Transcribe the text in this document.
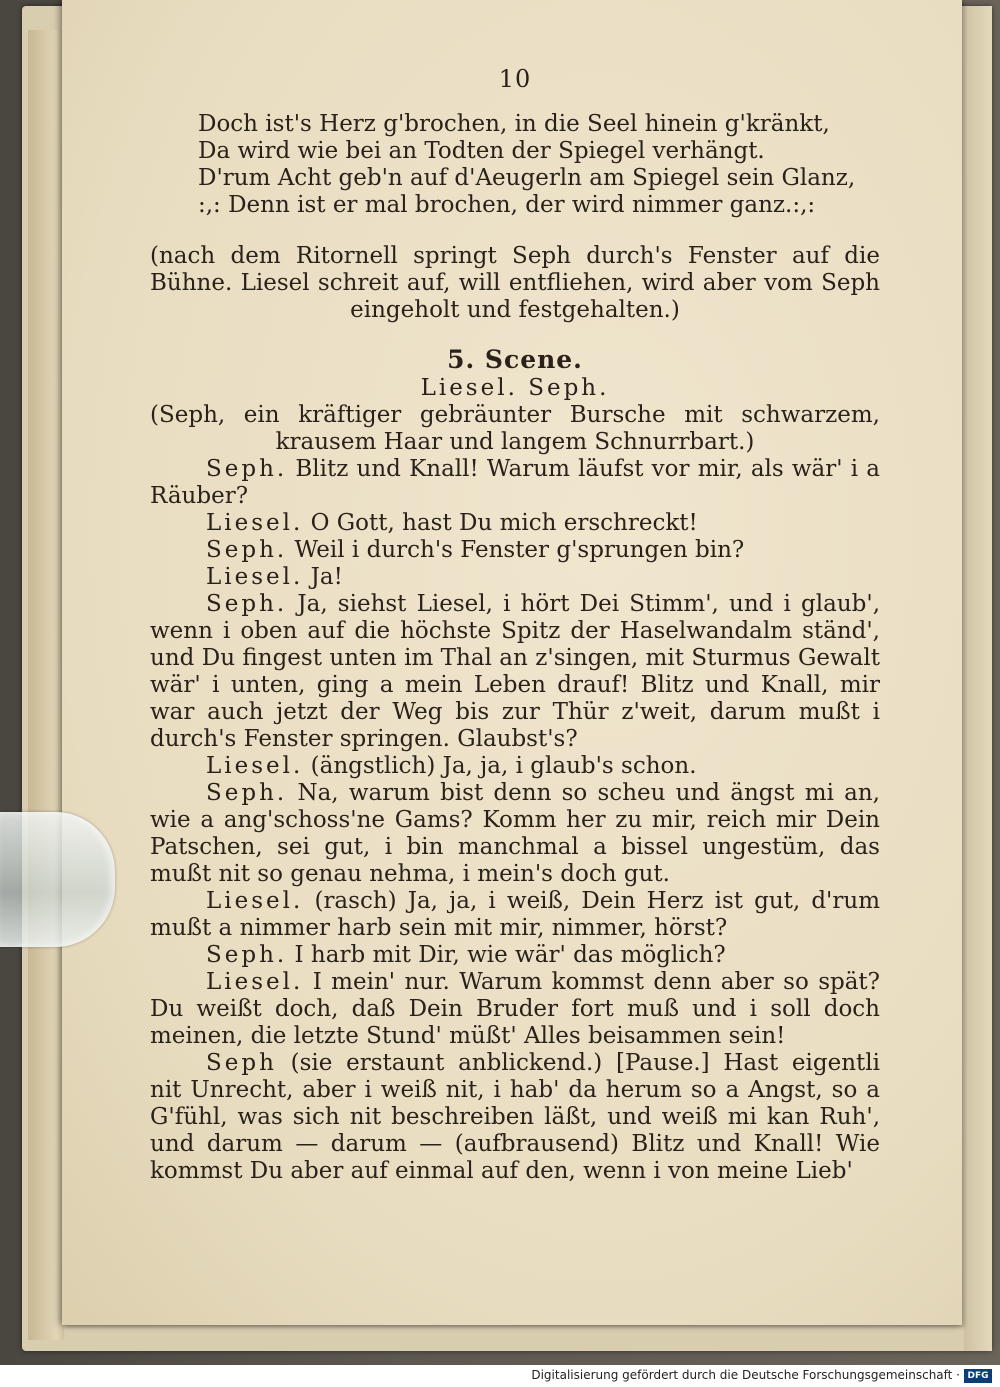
10
Doch ist's Herz g'brochen, in die Seel hinein g'kränkt,
Da wird wie bei an Todten der Spiegel verhängt.
D'rum Acht geb'n auf d'Aeugerln am Spiegel sein Glanz,
:,: Denn ist er mal brochen, der wird nimmer ganz.:,:
(nach dem Ritornell springt Seph durch's Fenster auf die Bühne. Liesel schreit auf, will entfliehen, wird aber vom Seph eingeholt und festgehalten.)
5. Scene.
Liesel. Seph.
(Seph, ein kräftiger gebräunter Bursche mit schwarzem, krausem Haar und langem Schnurrbart.)

Seph. Blitz und Knall! Warum läufst vor mir, als wär' i a Räuber?

Liesel. O Gott, hast Du mich erschreckt!

Seph. Weil i durch's Fenster g'sprungen bin?

Liesel. Ja!

Seph. Ja, siehst Liesel, i hört Dei Stimm', und i glaub', wenn i oben auf die höchste Spitz der Haselwandalm ständ', und Du fingest unten im Thal an z'singen, mit Sturmus Gewalt wär' i unten, ging a mein Leben drauf! Blitz und Knall, mir war auch jetzt der Weg bis zur Thür z'weit, darum mußt i durch's Fenster springen. Glaubst's?

Liesel. (ängstlich) Ja, ja, i glaub's schon.

Seph. Na, warum bist denn so scheu und ängst mi an, wie a ang'schoss'ne Gams? Komm her zu mir, reich mir Dein Patschen, sei gut, i bin manchmal a bissel ungestüm, das mußt nit so genau nehma, i mein's doch gut.

Liesel. (rasch) Ja, ja, i weiß, Dein Herz ist gut, d'rum mußt a nimmer harb sein mit mir, nimmer, hörst?

Seph. I harb mit Dir, wie wär' das möglich?

Liesel. I mein' nur. Warum kommst denn aber so spät? Du weißt doch, daß Dein Bruder fort muß und i soll doch meinen, die letzte Stund' müßt' Alles beisammen sein!

Seph (sie erstaunt anblickend.) [Pause.] Hast eigentli nit Unrecht, aber i weiß nit, i hab' da herum so a Angst, so a G'fühl, was sich nit beschreiben läßt, und weiß mi kan Ruh', und darum — darum — (aufbrausend) Blitz und Knall! Wie kommst Du aber auf einmal auf den, wenn i von meine Lieb'

Digitalisierung gefördert durch die Deutsche Forschungsgemeinschaft · DFG
